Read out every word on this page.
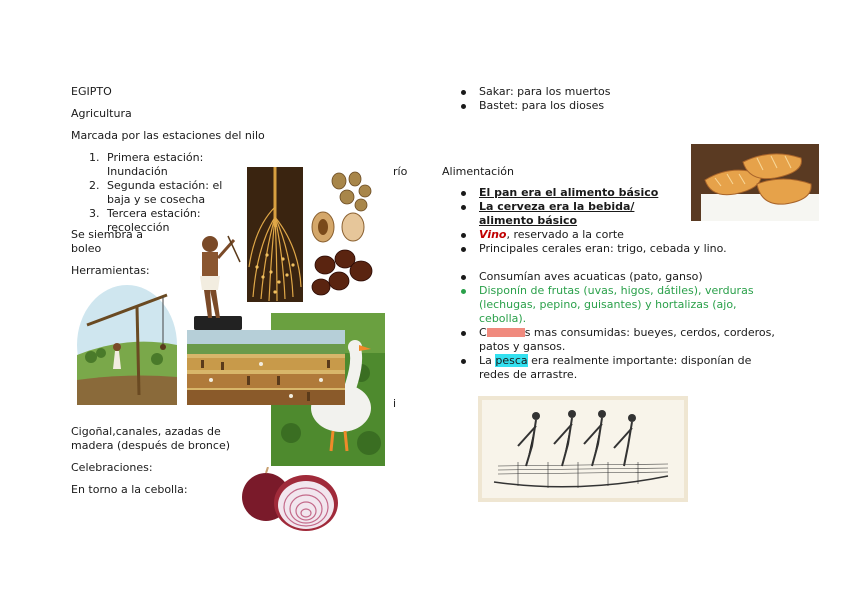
EGIPTO
Agricultura
Marcada por las estaciones del nilo
1. Primera estación: Inundación
2. Segunda estación: el
baja y se cosecha
3. Tercera estación:
recolección
río
Se siembra a
boleo
Herramientas:
i
Cigoñal,canales, azadas de
madera (después de bronce)
Celebraciones:
En torno a la cebolla:
Sakar: para los muertos
Bastet: para los dioses
Alimentación
El pan era el alimento básico
La cerveza era la bebida/
alimento básico
Vino, reservado a la corte
Principales cerales eran: trigo, cebada y lino.
Consumían aves acuaticas (pato, ganso)
Disponín de frutas (uvas, higos, dátiles), verduras
(lechugas, pepino, guisantes) y hortalizas (ajo,
cebolla).
C	s mas consumidas: bueyes, cerdos, corderos,
patos y gansos.
La pesca era realmente importante: disponían de
redes de arrastre.
